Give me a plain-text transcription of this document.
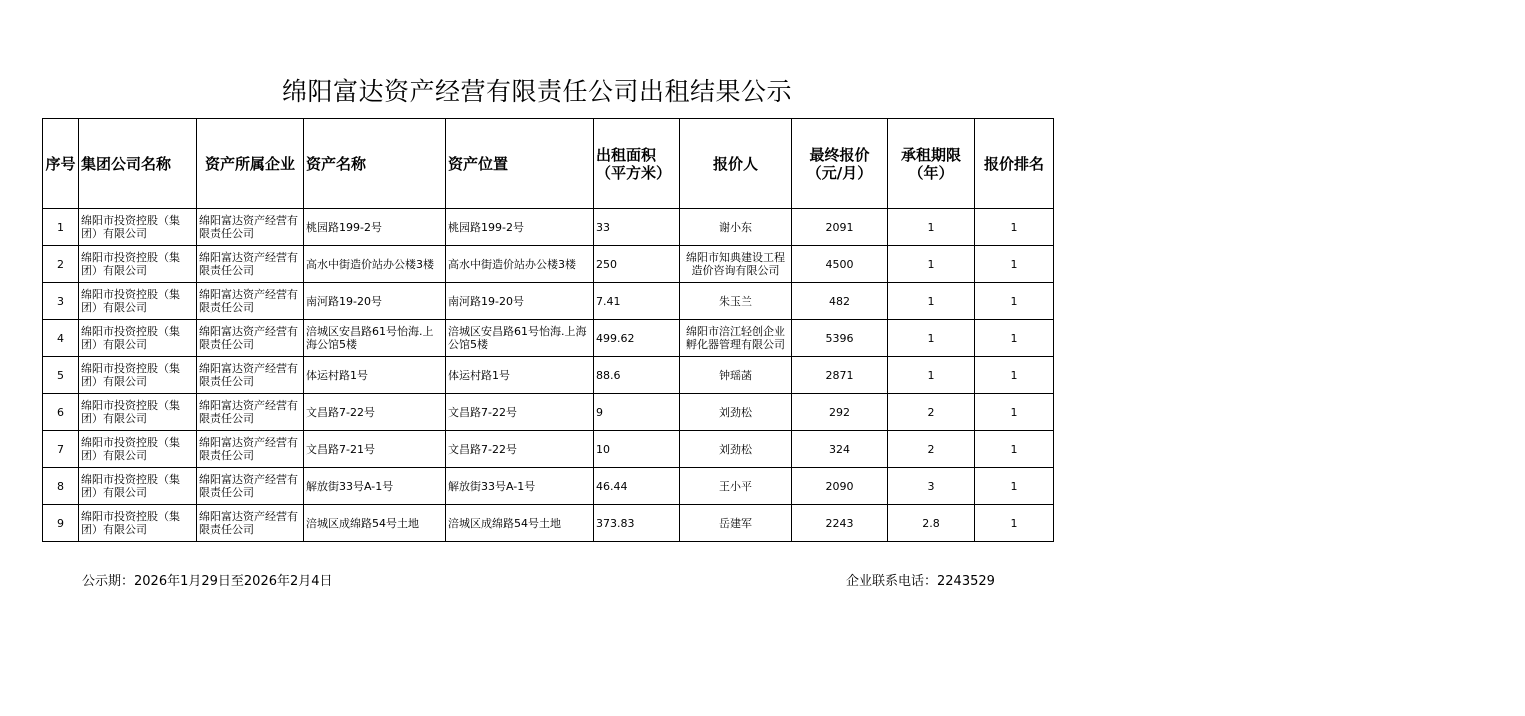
绵阳富达资产经营有限责任公司出租结果公示
序号	集团公司名称	资产所属企业	资产名称	资产位置	出租面积（平方米）	报价人	最终报价（元/月）	承租期限（年）	报价排名
1	绵阳市投资控股（集团）有限公司	绵阳富达资产经营有限责任公司	桃园路199-2号	桃园路199-2号	33	谢小东	2091	1	1
2	绵阳市投资控股（集团）有限公司	绵阳富达资产经营有限责任公司	高水中街造价站办公楼3楼	高水中街造价站办公楼3楼	250	绵阳市知典建设工程造价咨询有限公司	4500	1	1
3	绵阳市投资控股（集团）有限公司	绵阳富达资产经营有限责任公司	南河路19-20号	南河路19-20号	7.41	朱玉兰	482	1	1
4	绵阳市投资控股（集团）有限公司	绵阳富达资产经营有限责任公司	涪城区安昌路61号怡海.上海公馆5楼	涪城区安昌路61号怡海.上海公馆5楼	499.62	绵阳市涪江轻创企业孵化器管理有限公司	5396	1	1
5	绵阳市投资控股（集团）有限公司	绵阳富达资产经营有限责任公司	体运村路1号	体运村路1号	88.6	钟瑶菡	2871	1	1
6	绵阳市投资控股（集团）有限公司	绵阳富达资产经营有限责任公司	文昌路7-22号	文昌路7-22号	9	刘劲松	292	2	1
7	绵阳市投资控股（集团）有限公司	绵阳富达资产经营有限责任公司	文昌路7-21号	文昌路7-22号	10	刘劲松	324	2	1
8	绵阳市投资控股（集团）有限公司	绵阳富达资产经营有限责任公司	解放街33号A-1号	解放街33号A-1号	46.44	王小平	2090	3	1
9	绵阳市投资控股（集团）有限公司	绵阳富达资产经营有限责任公司	涪城区成绵路54号土地	涪城区成绵路54号土地	373.83	岳建军	2243	2.8	1
公示期：2026年1月29日至2026年2月4日	企业联系电话：2243529
